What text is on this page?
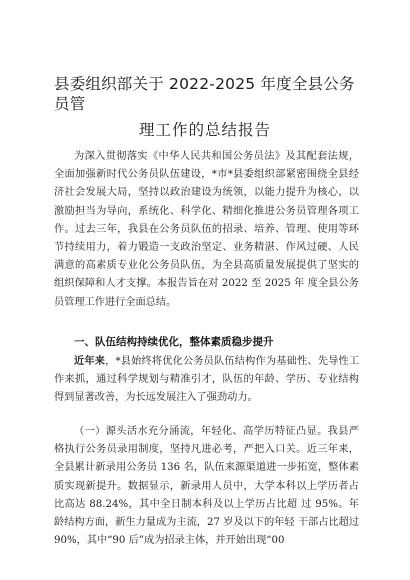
县委组织部关于 2022-2025 年度全县公务员管
理工作的总结报告

为深入贯彻落实《中华人民共和国公务员法》及其配套法规，全面加强新时代公务员队伍建设，*市*县委组织部紧密围绕全县经济社会发展大局，坚持以政治建设为统领，以能力提升为核心，以激励担当为导向，系统化、科学化、精细化推进公务员管理各项工作。过去三年，我县在公务员队伍的招录、培养、管理、使用等环节持续用力，着力锻造一支政治坚定、业务精湛、作风过硬、人民满意的高素质专业化公务员队伍，为全县高质量发展提供了坚实的组织保障和人才支撑。本报告旨在对 2022 至 2025 年 度全县公务员管理工作进行全面总结。

一、队伍结构持续优化，整体素质稳步提升

近年来，*县始终将优化公务员队伍结构作为基础性、先导性工作来抓，通过科学规划与精准引才，队伍的年龄、学历、专业结构得到显著改善，为长远发展注入了强劲动力。

（一）源头活水充分涌流，年轻化、高学历特征凸显。我县严格执行公务员录用制度，坚持凡进必考，严把入口关。近三年来，全县累计新录用公务员 136 名，队伍来源渠道进一步拓宽，整体素质实现新提升。数据显示，新录用人员中，大学本科以上学历者占比高达 88.24%，其中全日制本科及以上学历占比超 过 95%。年龄结构方面，新生力量成为主流，27 岁及以下的年轻 干部占比超过 90%，其中“90 后”成为招录主体，并开始出现“00
